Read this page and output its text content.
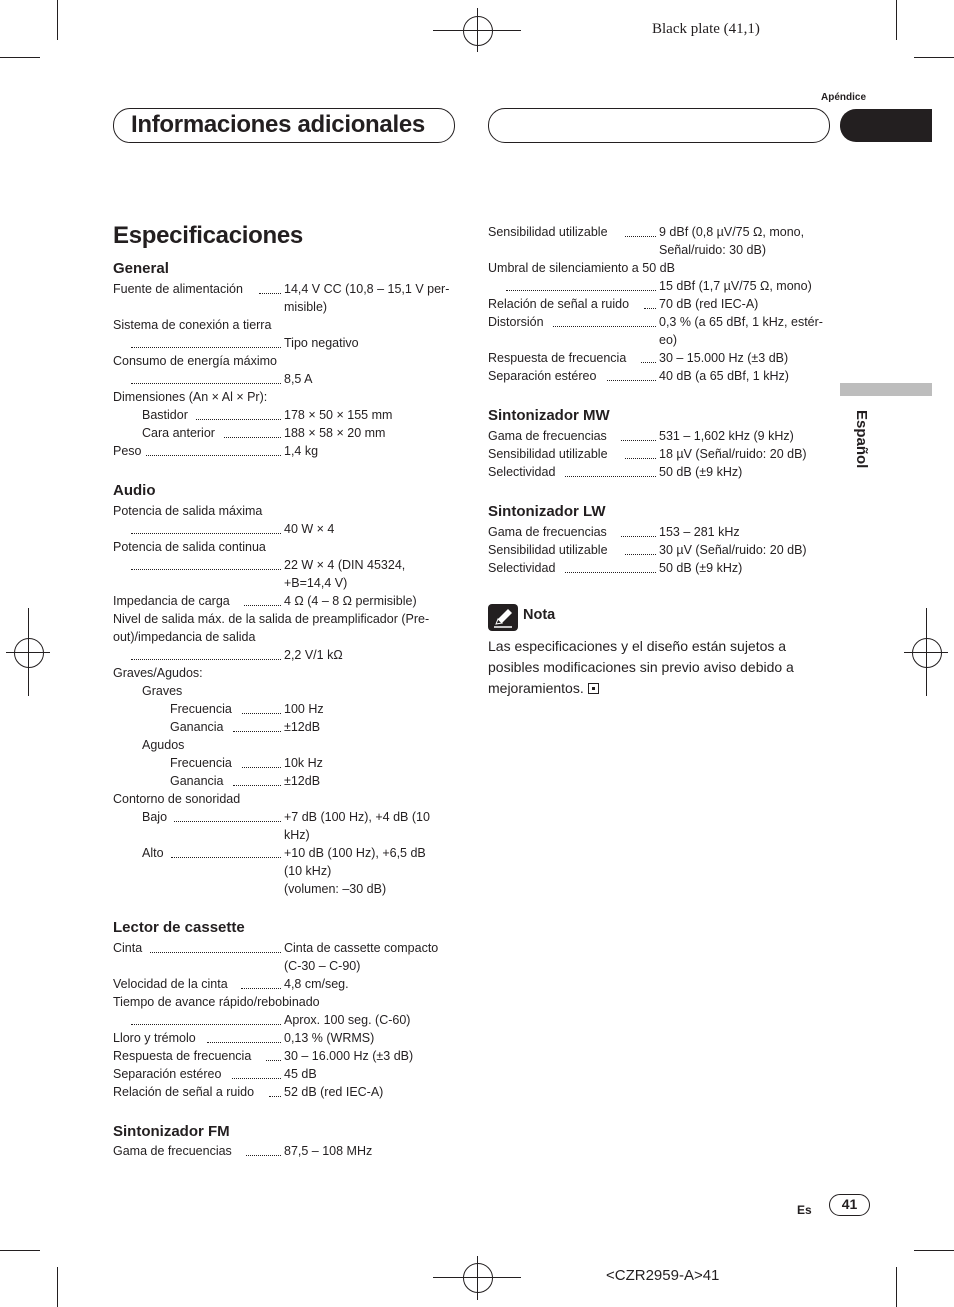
Black plate (41,1)
Apéndice
Informaciones adicionales
Español
Especificaciones
General
Fuente de alimentación	14,4 V CC (10,8 – 15,1 V per-
misible)
Sistema de conexión a tierra
Tipo negativo
Consumo de energía máximo
8,5 A
Dimensiones (An × Al × Pr):
Bastidor	178 × 50 × 155 mm
Cara anterior	188 × 58 × 20 mm
Peso	1,4 kg
Audio
Potencia de salida máxima
40 W × 4
Potencia de salida continua
22 W × 4 (DIN 45324,
+B=14,4 V)
Impedancia de carga	4 Ω (4 – 8 Ω permisible)
Nivel de salida máx. de la salida de preamplificador (Pre-
out)/impedancia de salida
2,2 V/1 kΩ
Graves/Agudos:
Graves
Frecuencia	100 Hz
Ganancia	±12dB
Agudos
Frecuencia	10k Hz
Ganancia	±12dB
Contorno de sonoridad
Bajo	+7 dB (100 Hz), +4 dB (10
kHz)
Alto	+10 dB (100 Hz), +6,5 dB
(10 kHz)
(volumen: –30 dB)
Lector de cassette
Cinta	Cinta de cassette compacto
(C-30 – C-90)
Velocidad de la cinta	4,8 cm/seg.
Tiempo de avance rápido/rebobinado
Aprox. 100 seg. (C-60)
Lloro y trémolo	0,13 % (WRMS)
Respuesta de frecuencia	30 – 16.000 Hz (±3 dB)
Separación estéreo	45 dB
Relación de señal a ruido 52 dB (red IEC-A)
Sintonizador FM
Gama de frecuencias	87,5 – 108 MHz
Sensibilidad utilizable	9 dBf (0,8 µV/75 Ω, mono,
Señal/ruido: 30 dB)
Umbral de silenciamiento a 50 dB
15 dBf (1,7 µV/75 Ω, mono)
Relación de señal a ruido 70 dB (red IEC-A)
Distorsión	0,3 % (a 65 dBf, 1 kHz, estér-
eo)
Respuesta de frecuencia	30 – 15.000 Hz (±3 dB)
Separación estéreo	40 dB (a 65 dBf, 1 kHz)
Sintonizador MW
Gama de frecuencias	531 – 1,602 kHz (9 kHz)
Sensibilidad utilizable	18 µV (Señal/ruido: 20 dB)
Selectividad	50 dB (±9 kHz)
Sintonizador LW
Gama de frecuencias	153 – 281 kHz
Sensibilidad utilizable	30 µV (Señal/ruido: 20 dB)
Selectividad	50 dB (±9 kHz)
Nota
Las especificaciones y el diseño están sujetos a
posibles modificaciones sin previo aviso debido a
mejoramientos.
Es	41
<CZR2959-A>41
